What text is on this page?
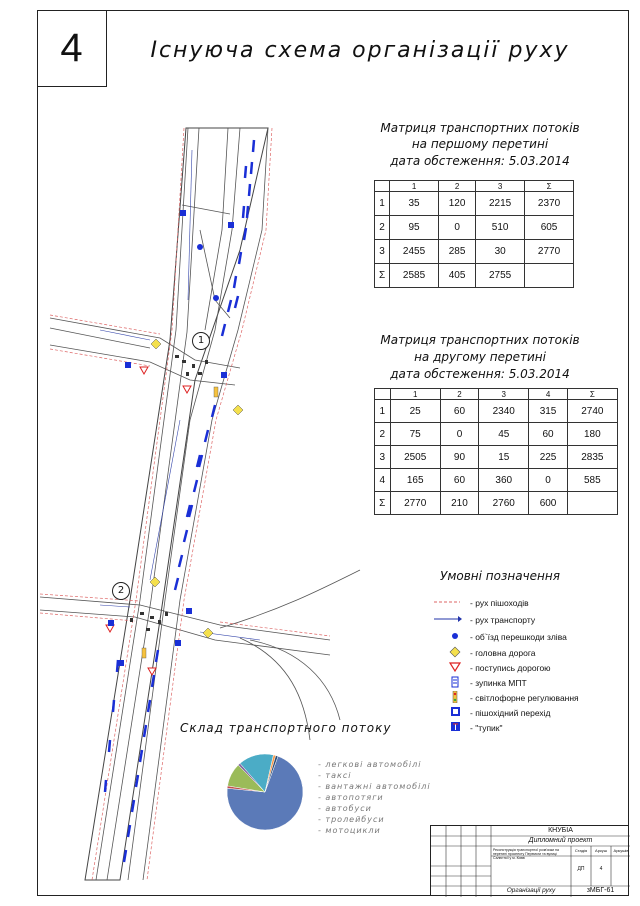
4	Існуюча схема організації руху
1
2
Матриця транспортних потоків
на першому перетині
дата обстеження: 5.03.2014
	1	2	3	Σ
1	35	120	2215	2370
2	95	0	510	605
3	2455	285	30	2770
Σ	2585	405	2755	
Матриця транспортних потоків
на другому перетині
дата обстеження: 5.03.2014
	1	2	3	4	Σ
1	25	60	2340	315	2740
2	75	0	45	60	180
3	2505	90	15	225	2835
4	165	60	360	0	585
Σ	2770	210	2760	600	
Умовні позначення
- рух пішоходів
- рух транспорту
- об`їзд перешкоди зліва
- головна дорога
- поступись дорогою
- зупинка МПТ
- світлофорне регулювання
- пішохідний перехід
- "тупик"
Склад транспортного потоку
- легкові автомобілі
- таксі
- вантажні автомобілі
- автопотяги
- автобуси
- тролейбуси
- мотоцикли	КНУБІА
Дипломний проект
Реконструкція транспортної розв'язки на перетині проспекту Перемоги та вулиці Салютної у м. Києві
Стадія	Аркуш	Аркушів
ДП	4
Організації руху	зМБГ-61
